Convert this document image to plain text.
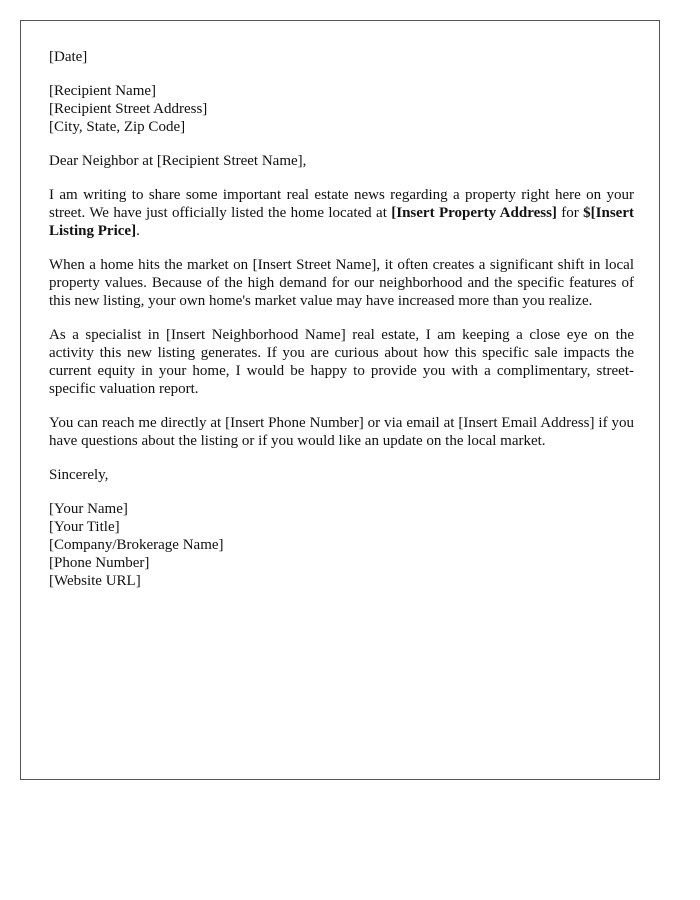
[Date]
[Recipient Name]
[Recipient Street Address]
[City, State, Zip Code]
Dear Neighbor at [Recipient Street Name],

I am writing to share some important real estate news regarding a property right here on your street. We have just officially listed the home located at [Insert Property Address] for $[Insert Listing Price].

When a home hits the market on [Insert Street Name], it often creates a significant shift in local property values. Because of the high demand for our neighborhood and the specific features of this new listing, your own home's market value may have increased more than you realize.

As a specialist in [Insert Neighborhood Name] real estate, I am keeping a close eye on the activity this new listing generates. If you are curious about how this specific sale impacts the current equity in your home, I would be happy to provide you with a complimentary, street-specific valuation report.

You can reach me directly at [Insert Phone Number] or via email at [Insert Email Address] if you have questions about the listing or if you would like an update on the local market.

Sincerely,
[Your Name]
[Your Title]
[Company/Brokerage Name]
[Phone Number]
[Website URL]
